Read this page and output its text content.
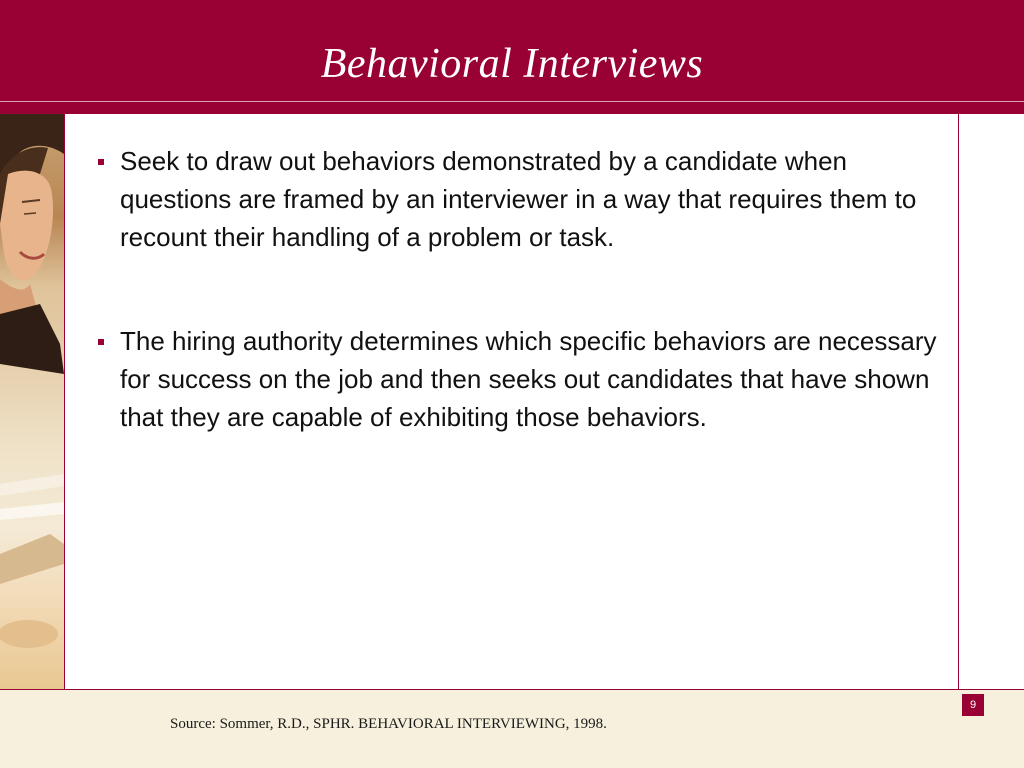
Behavioral Interviews
Seek to draw out behaviors demonstrated by a candidate when questions are framed by an interviewer in a way that requires them to recount their handling of a problem or task.
The hiring authority determines which specific behaviors are necessary for success on the job and then seeks out candidates that have shown that they are capable of exhibiting those behaviors.
Source: Sommer, R.D., SPHR. BEHAVIORAL INTERVIEWING, 1998.
9
